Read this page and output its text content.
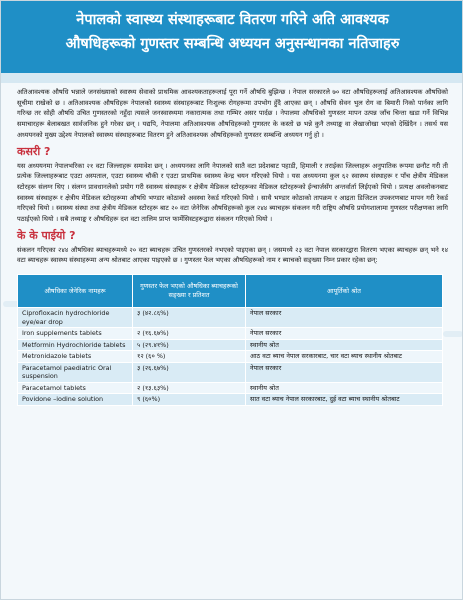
नेपालको स्वास्थ्य संस्थाहरूबाट वितरण गरिने अति आवश्यक
औषधिहरूको गुणस्तर सम्बन्धि अध्ययन अनुसन्धानका नतिजाहरु

अतिआवश्यक औषधि भन्नाले जनसंख्याको स्वास्थ्य सेवाको प्राथमिक आवश्यकताहरूलाई पूरा गर्ने औषधि बुझिन्छ । नेपाल सरकारले ७० वटा औषधिहरूलाई अतिआवश्यक औषधिको सूचीमा राखेको छ । अतिआवश्यक औषधिहरू नेपालको स्वास्थ्य संस्थाहरूबाट निःशुल्क रोगहरूमा उपभोग हुँदै आएका छन् । औषधि सेवन भुल रोग वा बिमारी निको पार्नका लागि गरिन्छ तर सोही औषधि उचित गुणस्तरको नहुँदा त्यसले जनस्वास्थ्यमा नकारात्मक तथा गम्भिर असर पार्दछ । नेपालमा औषधिको गुणस्तर मापन उत्पन्न जाँच चिन्ता खडा गर्ने विभिन्न समाचारहरू बेलाबखत सार्वजनिक हुने गरेका छन् । यद्यपि, नेपालमा अतिआवश्यक औषधिहरूको गुणस्तर के कस्तो छ भन्ने कुनै तथ्याङ्क वा लेखाजोखा भएको देखिंदैन । तसर्थ यस अध्ययनको मुख्य उद्देश्य नेपालको स्वास्थ्य संस्थाहरूबाट वितरण हुने अतिआवश्यक औषधिहरूको गुणस्तर सम्बन्धि अध्ययन गर्नु हो ।

कसरी ?

यस अध्ययनमा नेपालभरिका २१ वटा जिल्लाहरू समावेश छन् । अध्ययनका लागि नेपालको सातै वटा प्रदेशबाट पहाडी, हिमाली र तराईका जिल्लाहरू अनुपातिक रूपमा छनौट गरी ती प्रत्येक जिल्लाहरूबाट एउटा अस्पताल, एउटा स्वास्थ्य चौकी र एउटा प्राथमिक स्वास्थ्य केन्द्र चयन गरिएको थियो । यस अध्ययनमा कुल ६२ स्वास्थ्य संस्थाहरू र पाँच क्षेत्रीय मेडिकल स्टोरहरू संलग्न थिए । संलग्न प्रावधानलेको प्रयोग गरी स्वास्थ्य संस्थाहरू र क्षेत्रीय मेडिकल स्टोरहरूका मेडिकल स्टोरहरूको ईन्चार्जसँग अन्तर्वार्ता लिईएको थियो । प्रत्यक्ष अवलोकनबाट स्वास्थ्य संस्थाहरू र क्षेत्रीय मेडिकल स्टोरहरूमा औषधि भण्डार कोठाको अवस्था रेकर्ड गरिएको थियो । साथै भण्डार कोठाको तापक्रम र आद्रता डिजिटल उपकरणबाट मापन गरी रेकर्ड गरिएको थियो । स्वास्थ्य संस्था तथा क्षेत्रीय मेडिकल स्टोरहरू बाट २० वटा जेनेरिक औषधिहरूको कुल २४४ ब्याचहरू संकलन गरी राष्ट्रिय औषधि प्रयोगशालामा गुणस्तर परीक्षणका लागि पठाईएको थियो । सबै तथ्याङ्क र औषधिहरू दश वटा तालिम प्राप्त फार्मेसिस्टहरूद्वारा संकलन गरिएको थियो ।

के के पाईयो ?

संकलन गरिएका २४४ औषधिका ब्याचहरूमध्ये २० वटा ब्याचहरू उचित गुणस्तरको नभएको पाइएका छन् । जसमध्ये २३ वटा नेपाल सरकारद्वारा वितरण भएका ब्याचहरू छन् भने १४ वटा ब्याचहरू स्वास्थ्य संस्थाहरूमा अन्य श्रोतबाट आएका पाइएको छ । गुणस्तर फेल भएका औषधिहरूको नाम र ब्याचको सङ्ख्या निम्न प्रकार रहेका छन्:

औषधिका जेनेरिक नामहरू	गुणस्तर फेल भएको औषधिका ब्याचहरूको सङ्ख्या र प्रतिशत	आपूर्तिको श्रोत
Ciprofloxacin hydrochloride eye/ear drop	३ (४२.८६%)	नेपाल सरकार
Iron supplements tablets	२ (१६.६७%)	नेपाल सरकार
Metformin Hydrochloride tablets	५ (२९.४१%)	स्थानीय श्रोत
Metronidazole tablets	१२ (६० %)	आठ वटा ब्याच नेपाल सरकारबाट, चार वटा ब्याच स्थानीय श्रोतबाट
Paracetamol paediatric Oral suspension	३ (२६.६७%)	नेपाल सरकार
Paracetamol tablets	२ (१३.६३%)	स्थानीय श्रोत
Povidone –iodine solution	९ (६०%)	सात वटा ब्याच नेपाल सरकारबाट, दुई वटा ब्याच स्थानीय श्रोतबाट
